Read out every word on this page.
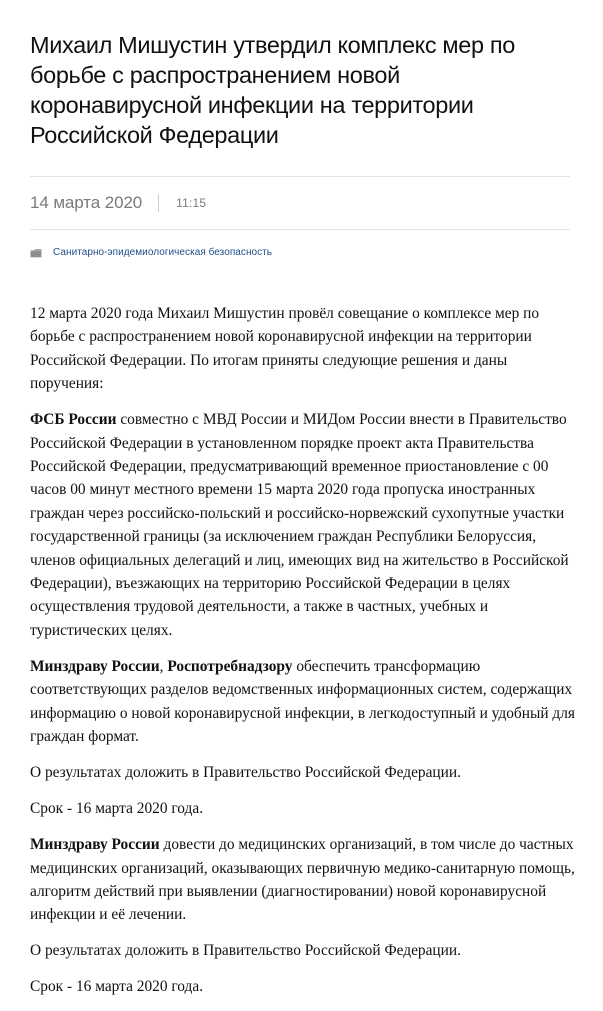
Михаил Мишустин утвердил комплекс мер по борьбе с распространением новой коронавирусной инфекции на территории Российской Федерации
14 марта 2020	11:15
Санитарно-эпидемиологическая безопасность

12 марта 2020 года Михаил Мишустин провёл совещание о комплексе мер по борьбе с распространением новой коронавирусной инфекции на территории Российской Федерации. По итогам приняты следующие решения и даны поручения:

ФСБ России совместно с МВД России и МИДом России внести в Правительство Российской Федерации в установленном порядке проект акта Правительства Российской Федерации, предусматривающий временное приостановление с 00 часов 00 минут местного времени 15 марта 2020 года пропуска иностранных граждан через российско-польский и российско-норвежский сухопутные участки государственной границы (за исключением граждан Республики Белоруссия, членов официальных делегаций и лиц, имеющих вид на жительство в Российской Федерации), въезжающих на территорию Российской Федерации в целях осуществления трудовой деятельности, а также в частных, учебных и туристических целях.

Минздраву России, Роспотребнадзору обеспечить трансформацию соответствующих разделов ведомственных информационных систем, содержащих информацию о новой коронавирусной инфекции, в легкодоступный и удобный для граждан формат.

О результатах доложить в Правительство Российской Федерации.

Срок - 16 марта 2020 года.

Минздраву России довести до медицинских организаций, в том числе до частных медицинских организаций, оказывающих первичную медико-санитарную помощь, алгоритм действий при выявлении (диагностировании) новой коронавирусной инфекции и её лечении.

О результатах доложить в Правительство Российской Федерации.

Срок - 16 марта 2020 года.
